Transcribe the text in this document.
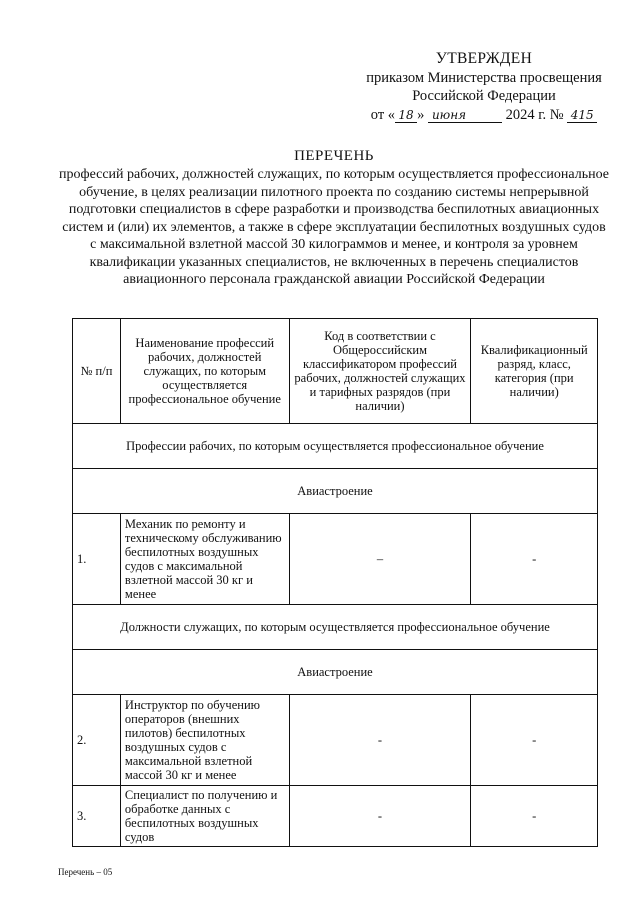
УТВЕРЖДЕН
приказом Министерства просвещения
Российской Федерации
от « 18 » июня	2024 г. № 415
ПЕРЕЧЕНЬ
профессий рабочих, должностей служащих, по которым осуществляется профессиональное обучение, в целях реализации пилотного проекта по созданию системы непрерывной подготовки специалистов в сфере разработки и производства беспилотных авиационных систем и (или) их элементов, а также в сфере эксплуатации беспилотных воздушных судов с максимальной взлетной массой 30 килограммов и менее, и контроля за уровнем квалификации указанных специалистов, не включенных в перечень специалистов авиационного персонала гражданской авиации Российской Федерации
№ п/п	Наименование профессий рабочих, должностей служащих, по которым осуществляется профессиональное обучение	Код в соответствии с Общероссийским классификатором профессий рабочих, должностей служащих и тарифных разрядов (при наличии)	Квалификационный разряд, класс, категория (при наличии)
Профессии рабочих, по которым осуществляется профессиональное обучение			
Авиастроение			
1.	Механик по ремонту и техническому обслуживанию беспилотных воздушных судов с максимальной взлетной массой 30 кг и менее	–	-
Должности служащих, по которым осуществляется профессиональное обучение			
Авиастроение			
2.	Инструктор по обучению операторов (внешних пилотов) беспилотных воздушных судов с максимальной взлетной массой 30 кг и менее	-	-
3.	Специалист по получению и обработке данных с беспилотных воздушных судов	-	-
Перечень – 05
